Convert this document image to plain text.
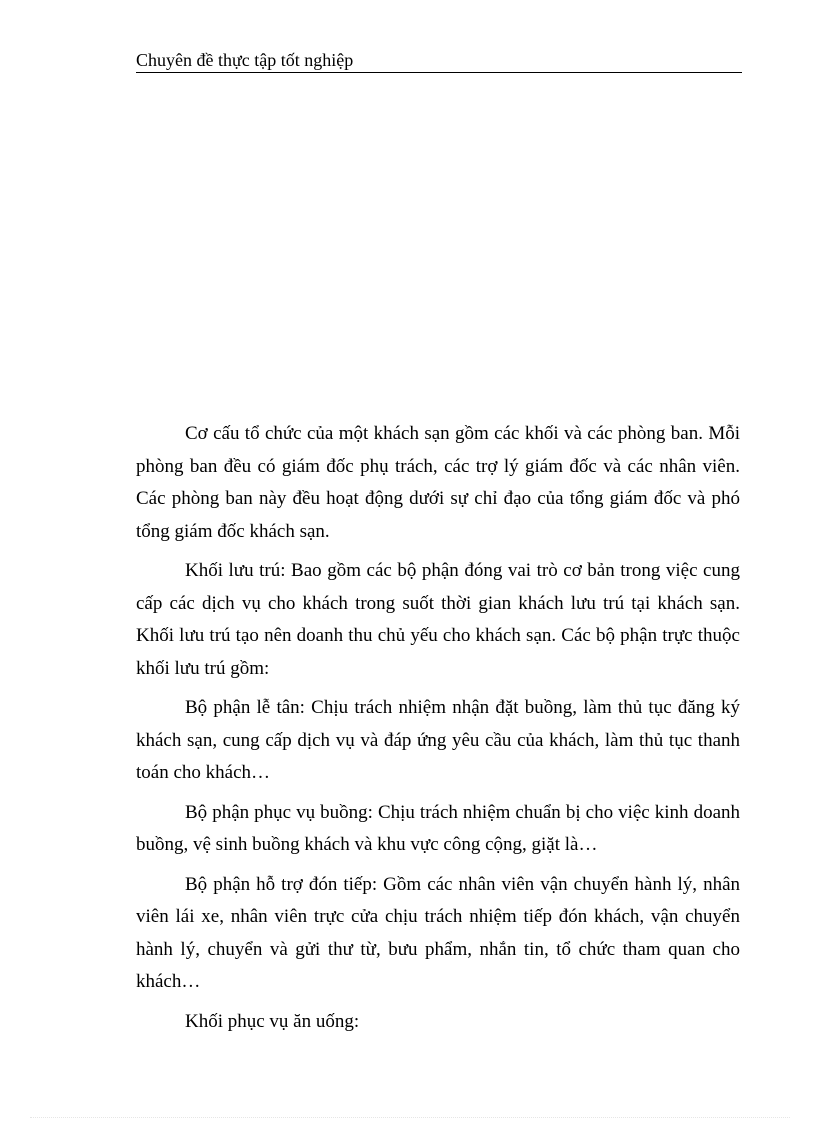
Chuyên đề thực tập tốt nghiệp

Cơ cấu tổ chức của một khách sạn gồm các khối và các phòng ban. Mỗi phòng ban đều có giám đốc phụ trách, các trợ lý giám đốc và các nhân viên. Các phòng ban này đều hoạt động dưới sự chỉ đạo của tổng giám đốc và phó tổng giám đốc khách sạn.

Khối lưu trú: Bao gồm các bộ phận đóng vai trò cơ bản trong việc cung cấp các dịch vụ cho khách trong suốt thời gian khách lưu trú tại khách sạn. Khối lưu trú tạo nên doanh thu chủ yếu cho khách sạn. Các bộ phận trực thuộc khối lưu trú gồm:

Bộ phận lễ tân: Chịu trách nhiệm nhận đặt buồng, làm thủ tục đăng ký khách sạn, cung cấp dịch vụ và đáp ứng yêu cầu của khách, làm thủ tục thanh toán cho khách…

Bộ phận phục vụ buồng: Chịu trách nhiệm chuẩn bị cho việc kinh doanh buồng, vệ sinh buồng khách và khu vực công cộng, giặt là…

Bộ phận hỗ trợ đón tiếp: Gồm các nhân viên vận chuyển hành lý, nhân viên lái xe, nhân viên trực cửa chịu trách nhiệm tiếp đón khách, vận chuyển hành lý, chuyển và gửi thư từ, bưu phẩm, nhắn tin, tổ chức tham quan cho khách…

Khối phục vụ ăn uống:
